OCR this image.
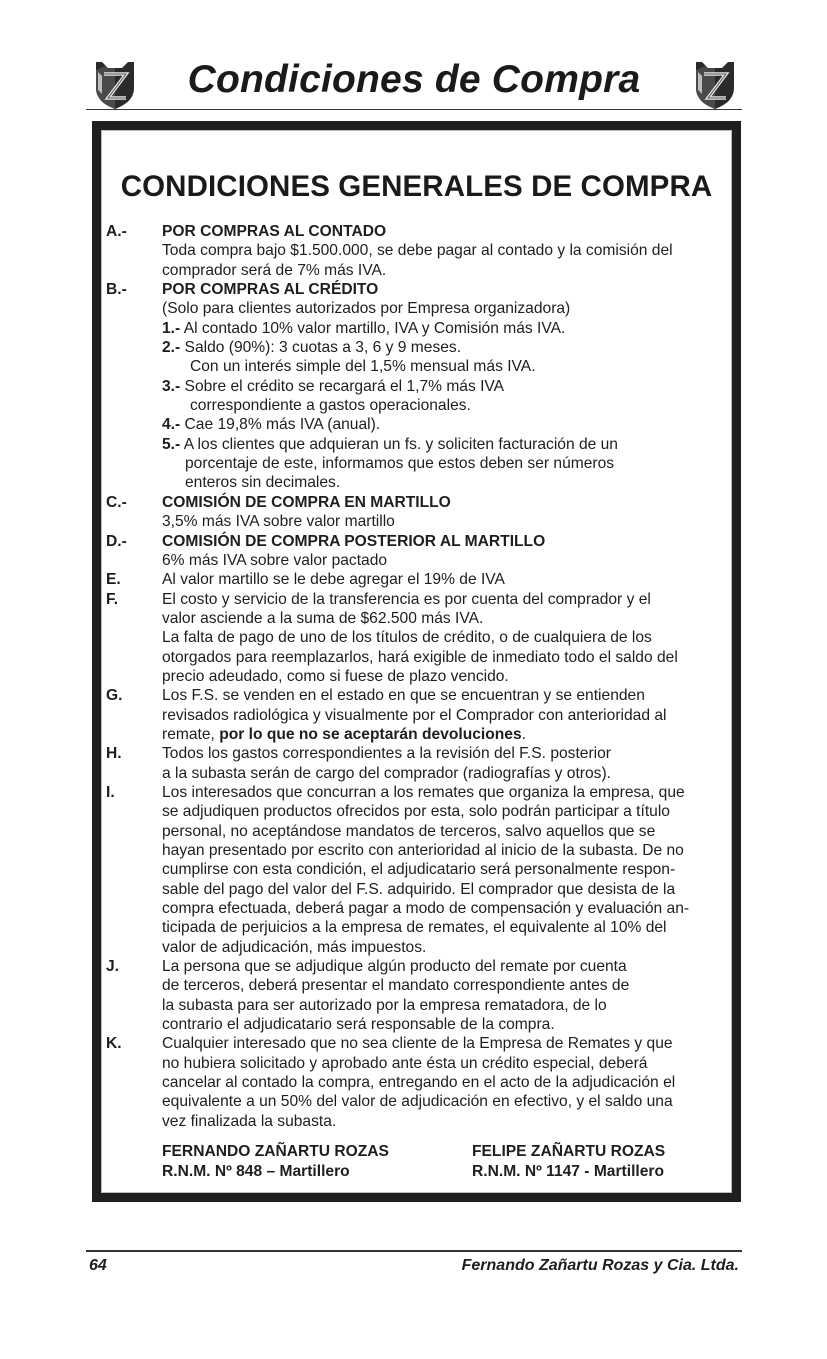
Condiciones de Compra
CONDICIONES GENERALES DE COMPRA
A.-	POR COMPRAS AL CONTADO
Toda compra bajo $1.500.000, se debe pagar al contado y la comisión del
comprador será de 7% más IVA.
B.-	POR COMPRAS AL CRÉDITO
(Solo para clientes autorizados por Empresa organizadora)
1.- Al contado 10% valor martillo, IVA y Comisión más IVA.
2.- Saldo (90%): 3 cuotas a 3, 6 y 9 meses.
Con un interés simple del 1,5% mensual más IVA.
3.- Sobre el crédito se recargará el 1,7% más IVA
correspondiente a gastos operacionales.
4.- Cae 19,8% más IVA (anual).
5.- A los clientes que adquieran un fs. y soliciten facturación de un
porcentaje de este, informamos que estos deben ser números
enteros sin decimales.
C.-	COMISIÓN DE COMPRA EN MARTILLO
3,5% más IVA sobre valor martillo
D.-	COMISIÓN DE COMPRA POSTERIOR AL MARTILLO
6% más IVA sobre valor pactado
E.	Al valor martillo se le debe agregar el 19% de IVA
F.	El costo y servicio de la transferencia es por cuenta del comprador y el
valor asciende a la suma de $62.500 más IVA.
La falta de pago de uno de los títulos de crédito, o de cualquiera de los
otorgados para reemplazarlos, hará exigible de inmediato todo el saldo del
precio adeudado, como si fuese de plazo vencido.
G.	Los F.S. se venden en el estado en que se encuentran y se entienden
revisados radiológica y visualmente por el Comprador con anterioridad al
remate, por lo que no se aceptarán devoluciones.
H.	Todos los gastos correspondientes a la revisión del F.S. posterior
a la subasta serán de cargo del comprador (radiografías y otros).
I.	Los interesados que concurran a los remates que organiza la empresa, que
se adjudiquen productos ofrecidos por esta, solo podrán participar a título
personal, no aceptándose mandatos de terceros, salvo aquellos que se
hayan presentado por escrito con anterioridad al inicio de la subasta. De no
cumplirse con esta condición, el adjudicatario será personalmente respon-
sable del pago del valor del F.S. adquirido. El comprador que desista de la
compra efectuada, deberá pagar a modo de compensación y evaluación an-
ticipada de perjuicios a la empresa de remates, el equivalente al 10% del
valor de adjudicación, más impuestos.
J.	La persona que se adjudique algún producto del remate por cuenta
de terceros, deberá presentar el mandato correspondiente antes de
la subasta para ser autorizado por la empresa rematadora, de lo
contrario el adjudicatario será responsable de la compra.
K.	Cualquier interesado que no sea cliente de la Empresa de Remates y que
no hubiera solicitado y aprobado ante ésta un crédito especial, deberá
cancelar al contado la compra, entregando en el acto de la adjudicación el
equivalente a un 50% del valor de adjudicación en efectivo, y el saldo una
vez finalizada la subasta.
FERNANDO ZAÑARTU ROZAS
R.N.M. Nº 848 – Martillero
FELIPE ZAÑARTU ROZAS
R.N.M. Nº 1147 - Martillero
64	Fernando Zañartu Rozas y Cia. Ltda.
